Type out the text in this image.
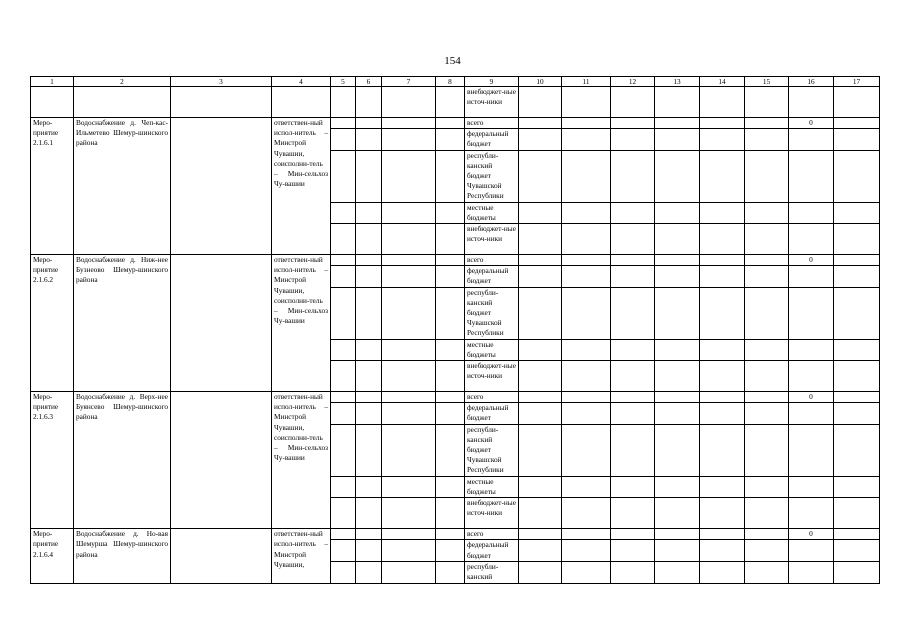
154
1	2	3	4	5	6	7	8	9	10	11	12	13	14	15	16	17
								внебюджет-ные источ-ники								
Меро-приятие 2.1.6.1	Водоснабжение д. Чеп-кас-Ильметево Шемур-шинского района		ответствен-ный испол-нитель – Минстрой Чувашии, соисполни-тель – Мин-сельхоз Чу-вашии					всего							0	
								федеральный бюджет								
								республи-канский бюджет Чувашской Республики								
								местные бюджеты								
								внебюджет-ные источ-ники								
Меро-приятие 2.1.6.2	Водоснабжение д. Ниж-нее Бузнеово Шемур-шинского района		ответствен-ный испол-нитель – Минстрой Чувашии, соисполни-тель – Мин-сельхоз Чу-вашии					всего							0	
								федеральный бюджет								
								республи-канский бюджет Чувашской Республики								
								местные бюджеты								
								внебюджет-ные источ-ники								
Меро-приятие 2.1.6.3	Водоснабжение д. Верх-нее Буянсево Шемур-шинского района		ответствен-ный испол-нитель – Минстрой Чувашии, соисполни-тель – Мин-сельхоз Чу-вашии					всего							0	
								федеральный бюджет								
								республи-канский бюджет Чувашской Республики								
								местные бюджеты								
								внебюджет-ные источ-ники								
Меро-приятие 2.1.6.4	Водоснабжение д. Но-вая Шемурша Шемур-шинского района		ответствен-ный испол-нитель – Минстрой Чувашии,					всего							0	
								федеральный бюджет								
								республи-канский								
